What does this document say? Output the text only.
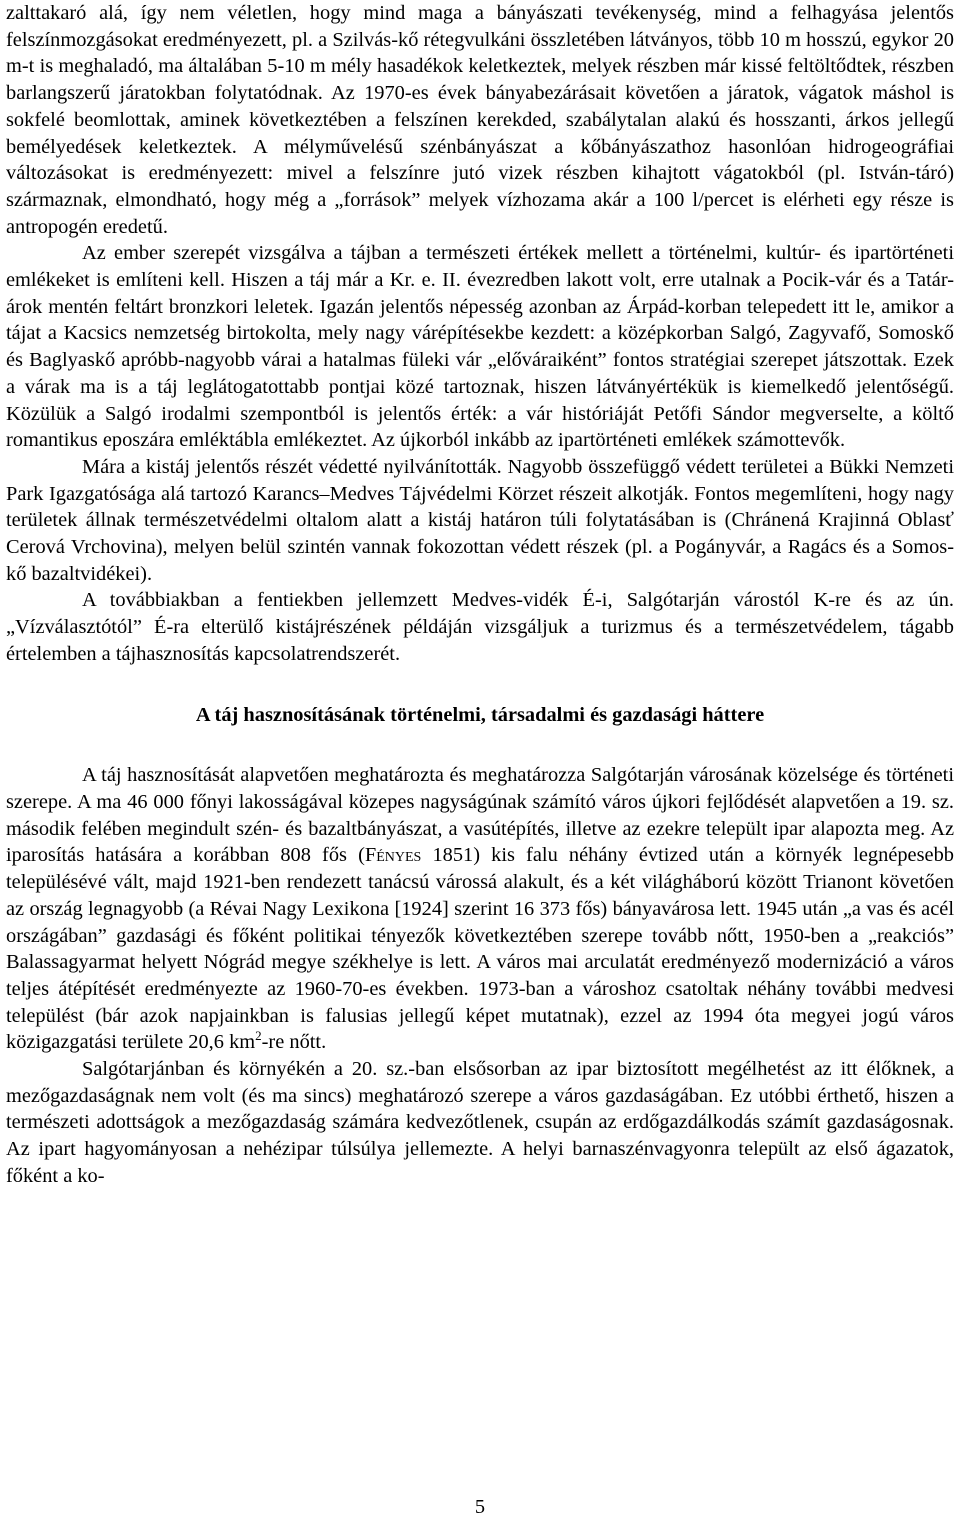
zalttakaró alá, így nem véletlen, hogy mind maga a bányászati tevékenység, mind a felhagyása jelentős felszínmozgásokat eredményezett, pl. a Szilvás-kő rétegvulkáni összletében látványos, több 10 m hosszú, egykor 20 m-t is meghaladó, ma általában 5-10 m mély hasadékok keletkeztek, melyek részben már kissé feltöltődtek, részben barlangszerű járatokban folytatódnak. Az 1970-es évek bányabezárásait követően a járatok, vágatok máshol is sokfelé beomlottak, aminek következtében a felszínen kerekded, szabálytalan alakú és hosszanti, árkos jellegű bemélyedések keletkeztek. A mélyművelésű szénbányászat a kőbányászathoz hasonlóan hidrogeográfiai változásokat is eredményezett: mivel a felszínre jutó vizek részben kihajtott vágatokból (pl. István-táró) származnak, elmondható, hogy még a „források” melyek vízhozama akár a 100 l/percet is elérheti egy része is antropogén eredetű.

Az ember szerepét vizsgálva a tájban a természeti értékek mellett a történelmi, kultúr- és ipartörténeti emlékeket is említeni kell. Hiszen a táj már a Kr. e. II. évezredben lakott volt, erre utalnak a Pocik-vár és a Tatár-árok mentén feltárt bronzkori leletek. Igazán jelentős népesség azonban az Árpád-korban telepedett itt le, amikor a tájat a Kacsics nemzetség birtokolta, mely nagy várépítésekbe kezdett: a középkorban Salgó, Zagyvafő, Somoskő és Baglyaskő apróbb-nagyobb várai a hatalmas füleki vár „elővárаiként” fontos stratégiai szerepet játszottak. Ezek a várak ma is a táj leglátogatottabb pontjai közé tartoznak, hiszen látványértékük is kiemelkedő jelentőségű. Közülük a Salgó irodalmi szempontból is jelentős érték: a vár históriáját Petőfi Sándor megverselte, a költő romantikus eposzára emléktábla emlékeztet. Az újkorból inkább az ipartörténeti emlékek számottevők.

Mára a kistáj jelentős részét védetté nyilvánították. Nagyobb összefüggő védett területei a Bükki Nemzeti Park Igazgatósága alá tartozó Karancs–Medves Tájvédelmi Körzet részeit alkotják. Fontos megemlíteni, hogy nagy területek állnak természetvédelmi oltalom alatt a kistáj határon túli folytatásában is (Chránená Krajinná Oblasť Cerová Vrchovina), melyen belül szintén vannak fokozottan védett részek (pl. a Pogányvár, a Ragács és a Somos-kő bazaltvidékei).

A továbbiakban a fentiekben jellemzett Medves-vidék É-i, Salgótarján várostól K-re és az ún. „Vízválasztótól” É-ra elterülő kistájrészének példáján vizsgáljuk a turizmus és a természetvédelem, tágabb értelemben a tájhasznosítás kapcsolatrendszerét.

A táj hasznosításának történelmi, társadalmi és gazdasági háttere

A táj hasznosítását alapvetően meghatározta és meghatározza Salgótarján városának közelsége és történeti szerepe. A ma 46 000 főnyi lakosságával közepes nagyságúnak számító város újkori fejlődését alapvetően a 19. sz. második felében megindult szén- és bazaltbányászat, a vasútépítés, illetve az ezekre települt ipar alapozta meg. Az iparosítás hatására a korábban 808 fős (Fényes 1851) kis falu néhány évtized után a környék legnépesebb településévé vált, majd 1921-ben rendezett tanácsú várossá alakult, és a két világháború között Trianont követően az ország legnagyobb (a Révai Nagy Lexikona [1924] szerint 16 373 fős) bányavárosa lett. 1945 után „a vas és acél országában” gazdasági és főként politikai tényezők következtében szerepe tovább nőtt, 1950-ben a „reakciós” Balassagyarmat helyett Nógrád megye székhelye is lett. A város mai arculatát eredményező modernizáció a város teljes átépítését eredményezte az 1960-70-es években. 1973-ban a városhoz csatoltak néhány további medvesi települést (bár azok napjainkban is falusias jellegű képet mutatnak), ezzel az 1994 óta megyei jogú város közigazgatási területe 20,6 $km^2-re$ nőtt.

Salgótarjánban és környékén a 20. sz.-ban elsősorban az ipar biztosított megélhetést az itt élőknek, a mezőgazdaságnak nem volt (és ma sincs) meghatározó szerepe a város gazdaságában. Ez utóbbi érthető, hiszen a természeti adottságok a mezőgazdaság számára kedvezőtlenek, csupán az erdőgazdálkodás számít gazdaságosnak. Az ipart hagyományosan a nehézipar túlsúlya jellemezte. A helyi barnaszénvagyonra települt az első ágazatok, főként a ko-

5
